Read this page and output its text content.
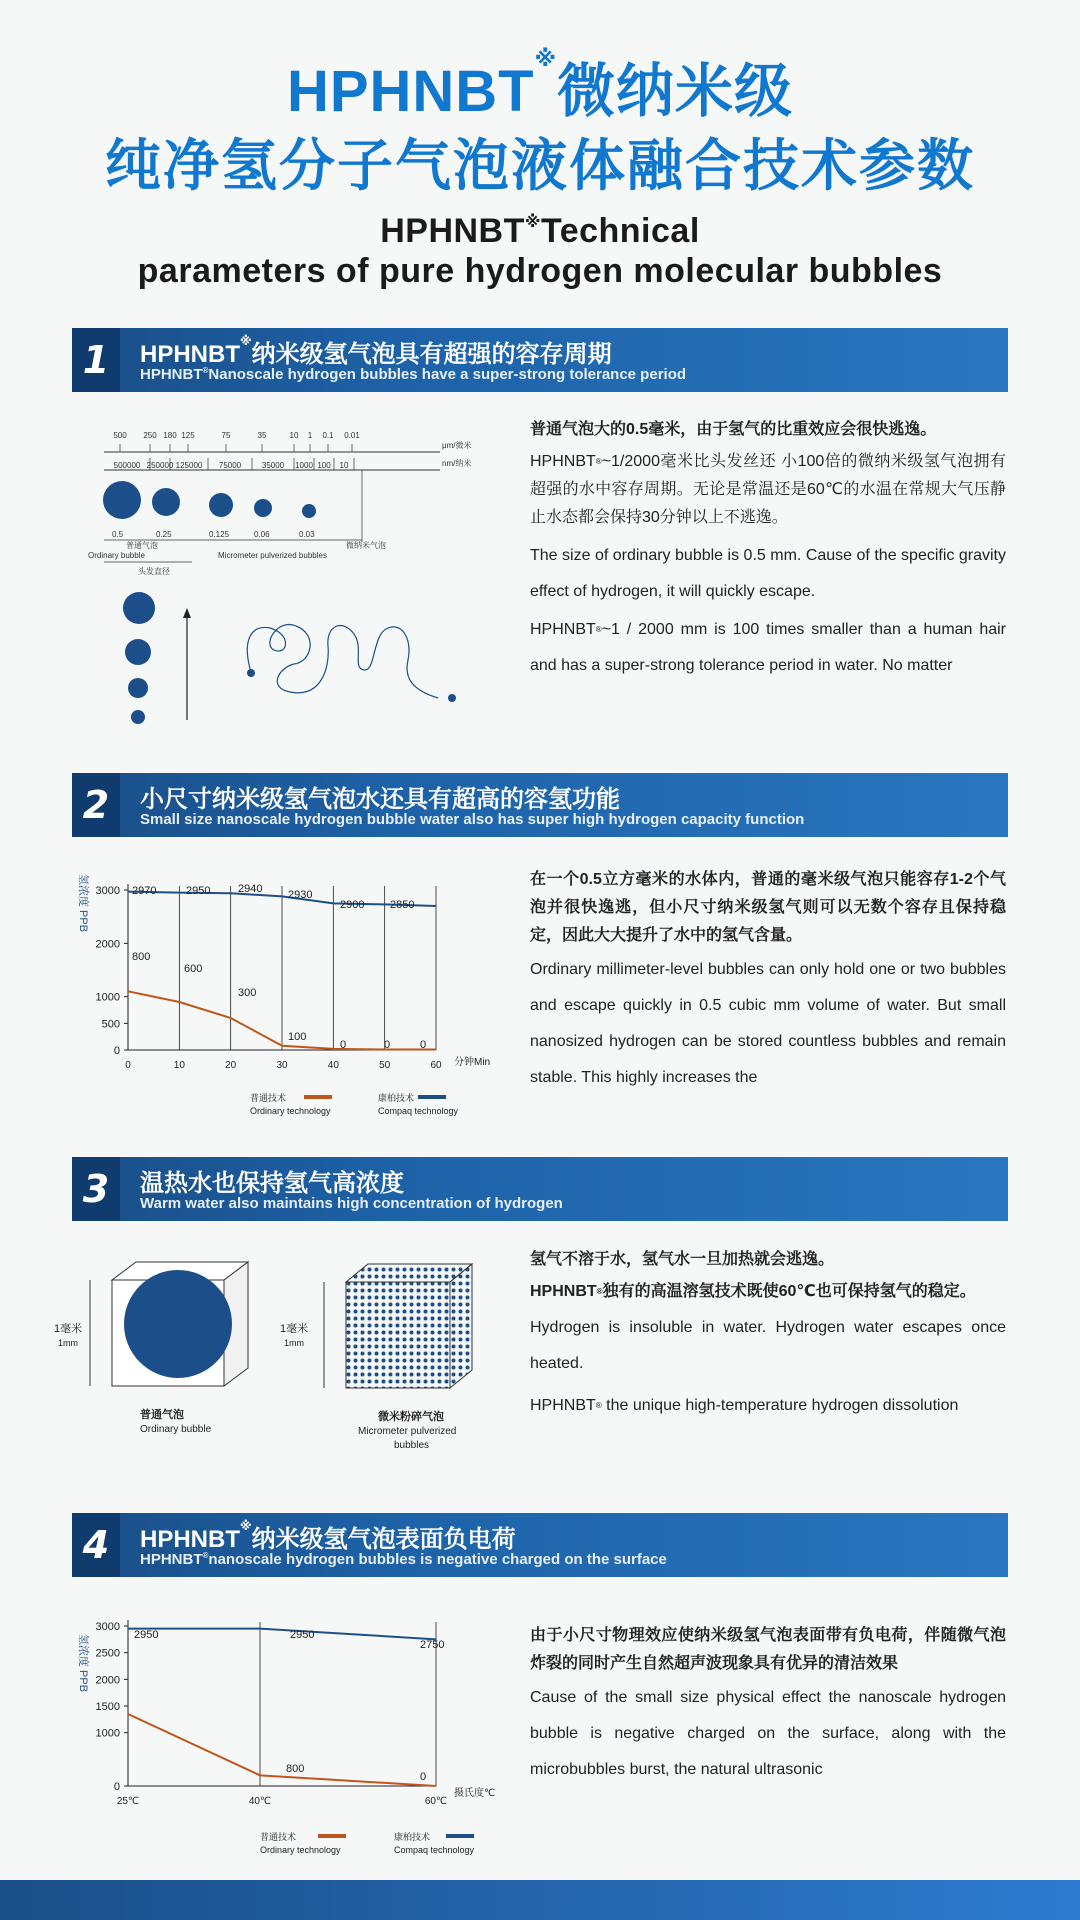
HPHNBT※微纳米级
纯净氢分子气泡液体融合技术参数
HPHNBT※Technical
parameters of pure hydrogen molecular bubbles
1	HPHNBT※纳米级氢气泡具有超强的容存周期
HPHNBT®Nanoscale hydrogen bubbles have a super-strong tolerance period
500 250 180 125	75	35	10 1 0.1 0.01
μm/微米
500000 250000 125000 75000	35000 1000 100 10	nm/纳米
0.5	0.25	0.125	0.06	0.03
普通气泡
Ordinary bubble
微纳米气泡
Micrometer pulverized bubbles
头发直径
普通气泡大的0.5毫米，由于氢气的比重效应会很快逃逸。
HPHNBT®~1/2000毫米比头发丝还 小100倍的微纳米级氢气泡拥有超强的水中容存周期。无论是常温还是60℃的水温在常规大气压静止水态都会保持30分钟以上不逃逸。
The size of ordinary bubble is 0.5 mm. Cause of the specific gravity effect of hydrogen, it will quickly escape.
HPHNBT®~1 / 2000 mm is 100 times smaller than a human hair and has a super-strong tolerance period in water. No matter
2	小尺寸纳米级氢气泡水还具有超高的容氢功能
Small size nanoscale hydrogen bubble water also has super high hydrogen capacity function
氢浓度 PPB
0
500
1000
2000
3000
0	10	20	30	40	50	60
800
600
300
100
0	0	0
2970	2950	2940 2930
2900 2850
分钟Min
普通技术
Ordinary technology
康柏技术
Compaq technology
在一个0.5立方毫米的水体内，普通的毫米级气泡只能容存1-2个气泡并很快逸逃，但小尺寸纳米级氢气则可以无数个容存且保持稳定，因此大大提升了水中的氢气含量。
Ordinary millimeter-level bubbles can only hold one or two bubbles and escape quickly in 0.5 cubic mm volume of water. But small nanosized hydrogen can be stored countless bubbles and remain stable. This highly increases the
3	温热水也保持氢气高浓度
Warm water also maintains high concentration of hydrogen
1毫米
1mm
普通气泡
Ordinary bubble
1毫米
1mm
微米粉碎气泡
Micrometer pulverized
bubbles
氢气不溶于水，氢气水一旦加热就会逃逸。
HPHNBT®独有的高温溶氢技术既使60℃也可保持氢气的稳定。
Hydrogen is insoluble in water. Hydrogen water escapes once heated.
HPHNBT® the unique high-temperature hydrogen dissolution
4	HPHNBT※纳米级氢气泡表面负电荷
HPHNBT®nanoscale hydrogen bubbles is negative charged on the surface
氢浓度 PPB
0
1000
1500
2000
2500
3000
25℃	40℃	60℃
800
0
2950	2950
2750
摄氏度℃
普通技术
Ordinary technology
康柏技术
Compaq technology
由于小尺寸物理效应使纳米级氢气泡表面带有负电荷，伴随微气泡炸裂的同时产生自然超声波现象具有优异的清洁效果
Cause of the small size physical effect the nanoscale hydrogen bubble is negative charged on the surface, along with the microbubbles burst, the natural ultrasonic
